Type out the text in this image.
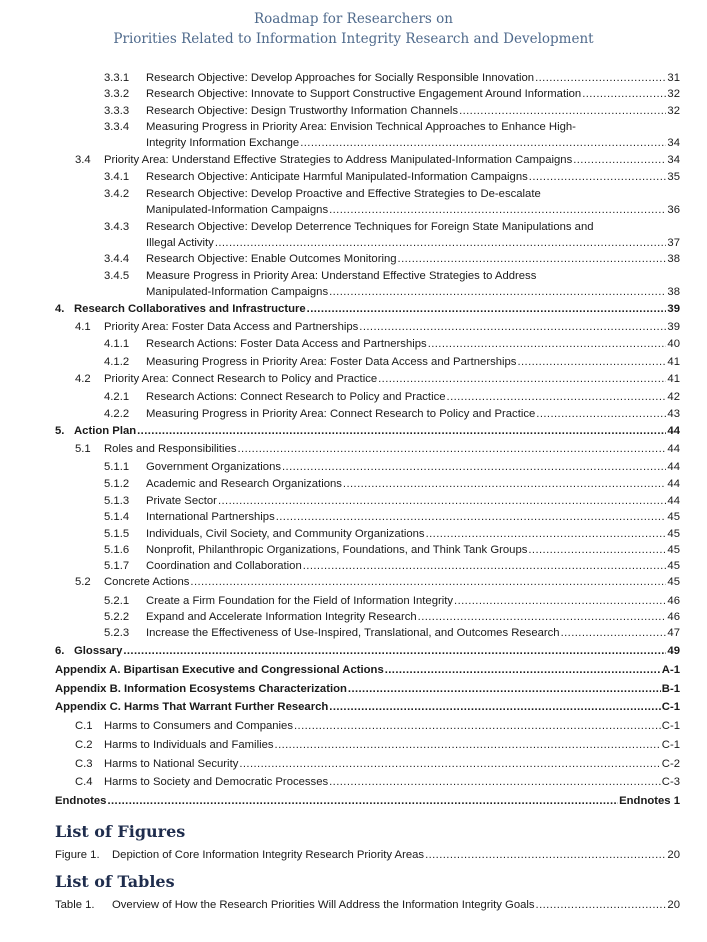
Roadmap for Researchers on
Priorities Related to Information Integrity Research and Development
3.3.1 Research Objective: Develop Approaches for Socially Responsible Innovation .....	31
3.3.2 Research Objective: Innovate to Support Constructive Engagement Around Information .....	32
3.3.3 Research Objective: Design Trustworthy Information Channels .....	32
3.3.4 Measuring Progress in Priority Area: Envision Technical Approaches to Enhance High-
Integrity Information Exchange .....	34
3.4 Priority Area: Understand Effective Strategies to Address Manipulated-Information Campaigns .....	34
3.4.1 Research Objective: Anticipate Harmful Manipulated-Information Campaigns .....	35
3.4.2 Research Objective: Develop Proactive and Effective Strategies to De-escalate
Manipulated-Information Campaigns .....	36
3.4.3 Research Objective: Develop Deterrence Techniques for Foreign State Manipulations and
Illegal Activity .....	37
3.4.4 Research Objective: Enable Outcomes Monitoring .....	38
3.4.5 Measure Progress in Priority Area: Understand Effective Strategies to Address
Manipulated-Information Campaigns .....	38
4. Research Collaboratives and Infrastructure .....	39
4.1 Priority Area: Foster Data Access and Partnerships .....	39
4.1.1 Research Actions: Foster Data Access and Partnerships .....	40
4.1.2 Measuring Progress in Priority Area: Foster Data Access and Partnerships .....	41
4.2 Priority Area: Connect Research to Policy and Practice .....	41
4.2.1 Research Actions: Connect Research to Policy and Practice .....	42
4.2.2 Measuring Progress in Priority Area: Connect Research to Policy and Practice .....	43
5. Action Plan .....	44
5.1 Roles and Responsibilities .....	44
5.1.1 Government Organizations .....	44
5.1.2 Academic and Research Organizations .....	44
5.1.3 Private Sector .....	44
5.1.4 International Partnerships .....	45
5.1.5 Individuals, Civil Society, and Community Organizations .....	45
5.1.6 Nonprofit, Philanthropic Organizations, Foundations, and Think Tank Groups .....	45
5.1.7 Coordination and Collaboration .....	45
5.2 Concrete Actions .....	45
5.2.1 Create a Firm Foundation for the Field of Information Integrity .....	46
5.2.2 Expand and Accelerate Information Integrity Research .....	46
5.2.3 Increase the Effectiveness of Use-Inspired, Translational, and Outcomes Research .....	47
6. Glossary .....	49
Appendix A. Bipartisan Executive and Congressional Actions .....	A-1
Appendix B. Information Ecosystems Characterization .....	B-1
Appendix C. Harms That Warrant Further Research .....	C-1
C.1 Harms to Consumers and Companies .....	C-1
C.2 Harms to Individuals and Families .....	C-1
C.3 Harms to National Security .....	C-2
C.4 Harms to Society and Democratic Processes .....	C-3
Endnotes .....	Endnotes 1
List of Figures
Figure 1. Depiction of Core Information Integrity Research Priority Areas .....	20
List of Tables
Table 1. Overview of How the Research Priorities Will Address the Information Integrity Goals .....	20
